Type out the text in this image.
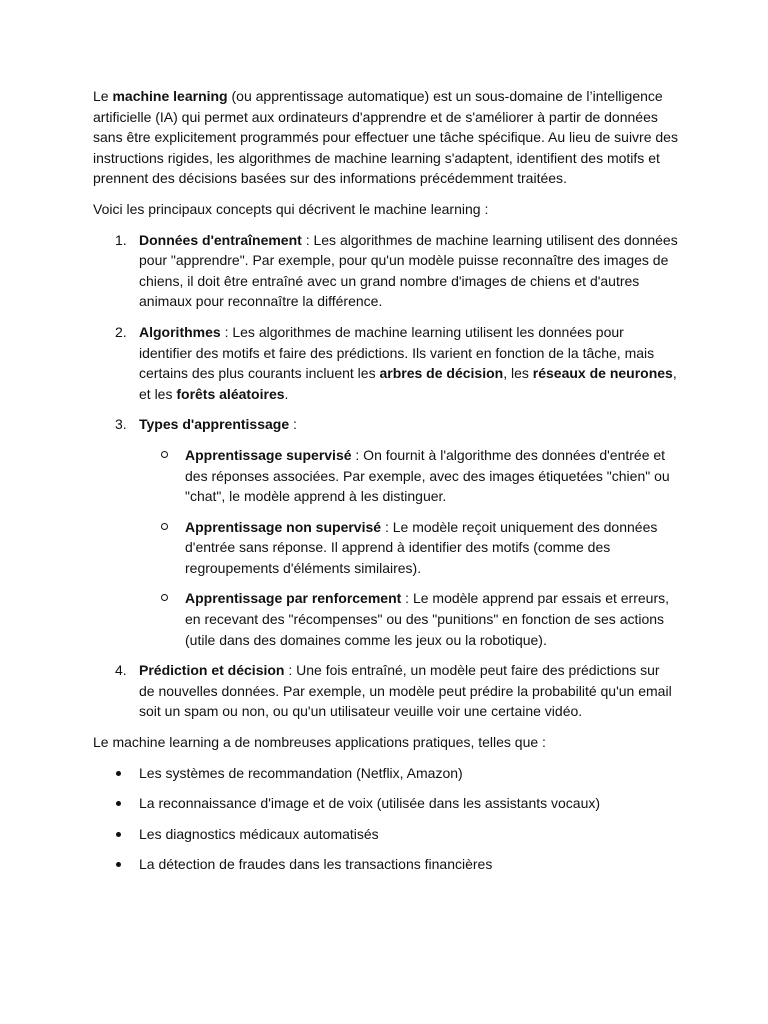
Le machine learning (ou apprentissage automatique) est un sous-domaine de l’intelligence artificielle (IA) qui permet aux ordinateurs d'apprendre et de s'améliorer à partir de données sans être explicitement programmés pour effectuer une tâche spécifique. Au lieu de suivre des instructions rigides, les algorithmes de machine learning s'adaptent, identifient des motifs et prennent des décisions basées sur des informations précédemment traitées.

Voici les principaux concepts qui décrivent le machine learning :

1. Données d'entraînement : Les algorithmes de machine learning utilisent des données pour "apprendre". Par exemple, pour qu'un modèle puisse reconnaître des images de chiens, il doit être entraîné avec un grand nombre d'images de chiens et d'autres animaux pour reconnaître la différence.
2. Algorithmes : Les algorithmes de machine learning utilisent les données pour identifier des motifs et faire des prédictions. Ils varient en fonction de la tâche, mais certains des plus courants incluent les arbres de décision, les réseaux de neurones, et les forêts aléatoires.
3. Types d'apprentissage :
Apprentissage supervisé : On fournit à l'algorithme des données d'entrée et des réponses associées. Par exemple, avec des images étiquetées "chien" ou "chat", le modèle apprend à les distinguer.
Apprentissage non supervisé : Le modèle reçoit uniquement des données d'entrée sans réponse. Il apprend à identifier des motifs (comme des regroupements d'éléments similaires).
Apprentissage par renforcement : Le modèle apprend par essais et erreurs, en recevant des "récompenses" ou des "punitions" en fonction de ses actions (utile dans des domaines comme les jeux ou la robotique).
4. Prédiction et décision : Une fois entraîné, un modèle peut faire des prédictions sur de nouvelles données. Par exemple, un modèle peut prédire la probabilité qu'un email soit un spam ou non, ou qu'un utilisateur veuille voir une certaine vidéo.

Le machine learning a de nombreuses applications pratiques, telles que :

Les systèmes de recommandation (Netflix, Amazon)
La reconnaissance d'image et de voix (utilisée dans les assistants vocaux)
Les diagnostics médicaux automatisés
La détection de fraudes dans les transactions financières
